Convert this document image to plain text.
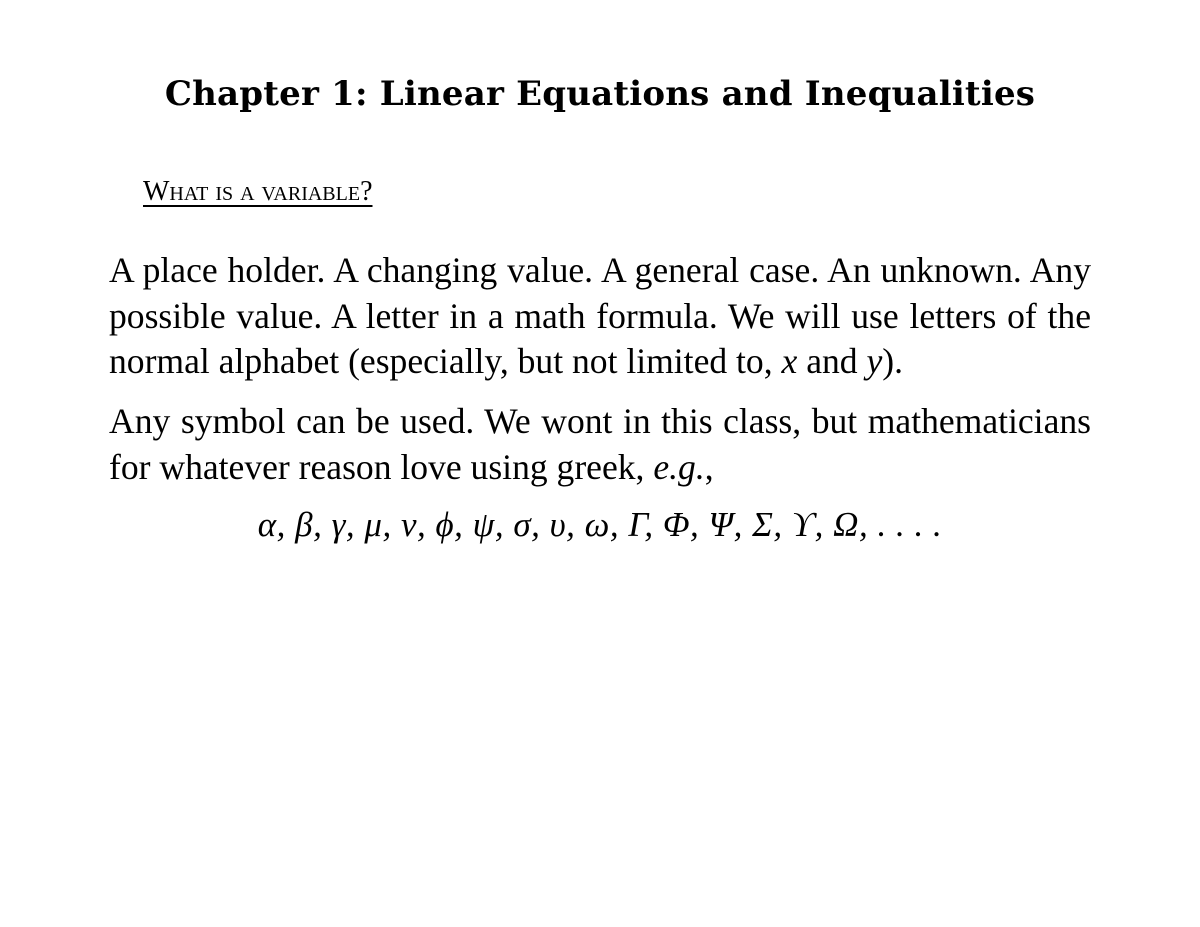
Chapter 1: Linear Equations and Inequalities
What is a variable?

A place holder. A changing value. A general case. An unknown. Any possible value. A letter in a math formula. We will use letters of the normal alphabet (especially, but not limited to, x and y).

Any symbol can be used. We wont in this class, but mathematicians for whatever reason love using greek, e.g.,

α, β, γ, μ, ν, ϕ, ψ, σ, υ, ω, Γ, Φ, Ψ, Σ, ϒ, Ω, . . . .
